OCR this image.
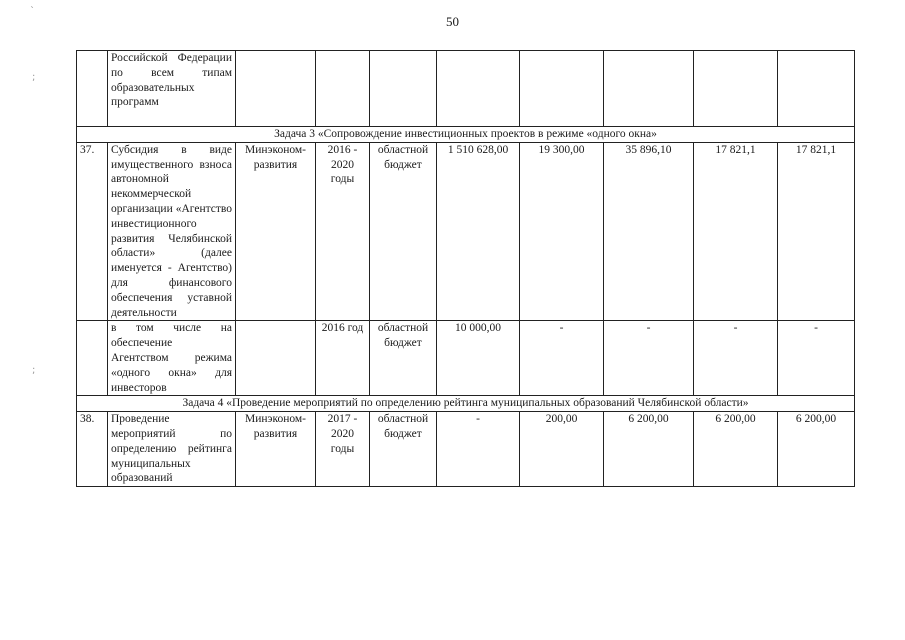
50
`
;
;
	Российской Федерации по всем типам образовательных программ								
Задача 3 «Сопровождение инвестиционных проектов в режиме «одного окна»									
37.	Субсидия в виде имущественного взноса автономной некоммерческой организации «Агентство инвестиционного развития Челябинской области» (далее именуется - Агентство) для финансового обеспечения уставной деятельности	Минэконом-развития	2016 - 2020 годы	областной бюджет	1 510 628,00	19 300,00	35 896,10	17 821,1	17 821,1
	в том числе на обеспечение Агентством режима «одного окна» для инвесторов		2016 год	областной бюджет	10 000,00	-	-	-	-
Задача 4 «Проведение мероприятий по определению рейтинга муниципальных образований Челябинской области»									
38.	Проведение мероприятий по определению рейтинга муниципальных образований	Минэконом-развития	2017 - 2020 годы	областной бюджет	-	200,00	6 200,00	6 200,00	6 200,00
